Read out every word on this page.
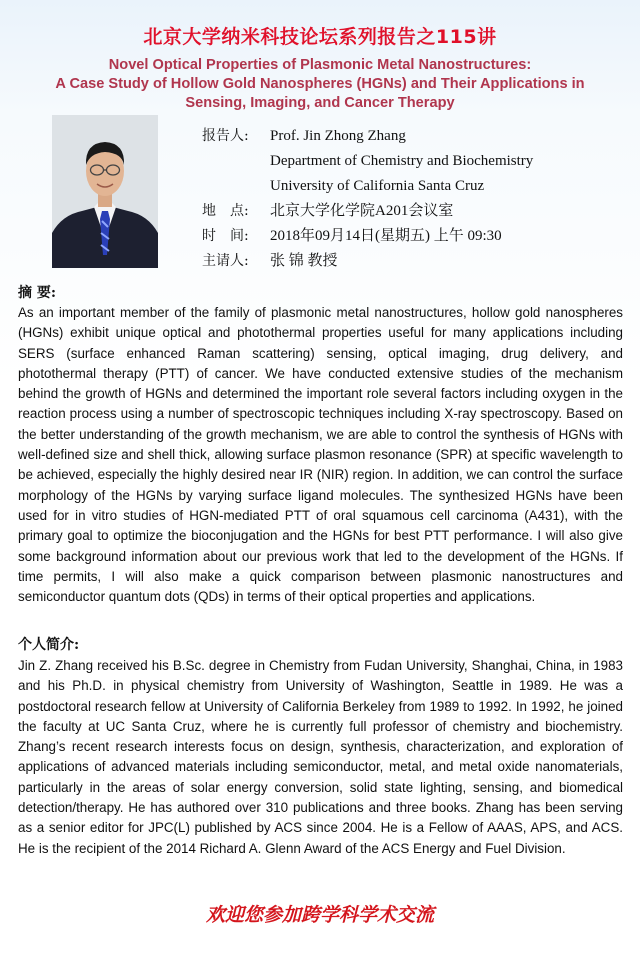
北京大学纳米科技论坛系列报告之115讲
Novel Optical Properties of Plasmonic Metal Nanostructures:
A Case Study of Hollow Gold Nanospheres (HGNs) and Their Applications in
Sensing, Imaging, and Cancer Therapy
报告人:	Prof. Jin Zhong Zhang
Department of Chemistry and Biochemistry
University of California Santa Cruz
地　点:	北京大学化学院A201会议室
时　间:	2018年09月14日(星期五) 上午 09:30
主请人:	张 锦 教授
摘 要:
As an important member of the family of plasmonic metal nanostructures, hollow gold nanospheres (HGNs) exhibit unique optical and photothermal properties useful for many applications including SERS (surface enhanced Raman scattering) sensing, optical imaging, drug delivery, and photothermal therapy (PTT) of cancer. We have conducted extensive studies of the mechanism behind the growth of HGNs and determined the important role several factors including oxygen in the reaction process using a number of spectroscopic techniques including X-ray spectroscopy. Based on the better understanding of the growth mechanism, we are able to control the synthesis of HGNs with well-defined size and shell thick, allowing surface plasmon resonance (SPR) at specific wavelength to be achieved, especially the highly desired near IR (NIR) region. In addition, we can control the surface morphology of the HGNs by varying surface ligand molecules. The synthesized HGNs have been used for in vitro studies of HGN-mediated PTT of oral squamous cell carcinoma (A431), with the primary goal to optimize the bioconjugation and the HGNs for best PTT performance. I will also give some background information about our previous work that led to the development of the HGNs. If time permits, I will also make a quick comparison between plasmonic nanostructures and semiconductor quantum dots (QDs) in terms of their optical properties and applications.
个人简介:
Jin Z. Zhang received his B.Sc. degree in Chemistry from Fudan University, Shanghai, China, in 1983 and his Ph.D. in physical chemistry from University of Washington, Seattle in 1989. He was a postdoctoral research fellow at University of California Berkeley from 1989 to 1992. In 1992, he joined the faculty at UC Santa Cruz, where he is currently full professor of chemistry and biochemistry. Zhang’s recent research interests focus on design, synthesis, characterization, and exploration of applications of advanced materials including semiconductor, metal, and metal oxide nanomaterials, particularly in the areas of solar energy conversion, solid state lighting, sensing, and biomedical detection/therapy. He has authored over 310 publications and three books. Zhang has been serving as a senior editor for JPC(L) published by ACS since 2004. He is a Fellow of AAAS, APS, and ACS. He is the recipient of the 2014 Richard A. Glenn Award of the ACS Energy and Fuel Division.
欢迎您参加跨学科学术交流
